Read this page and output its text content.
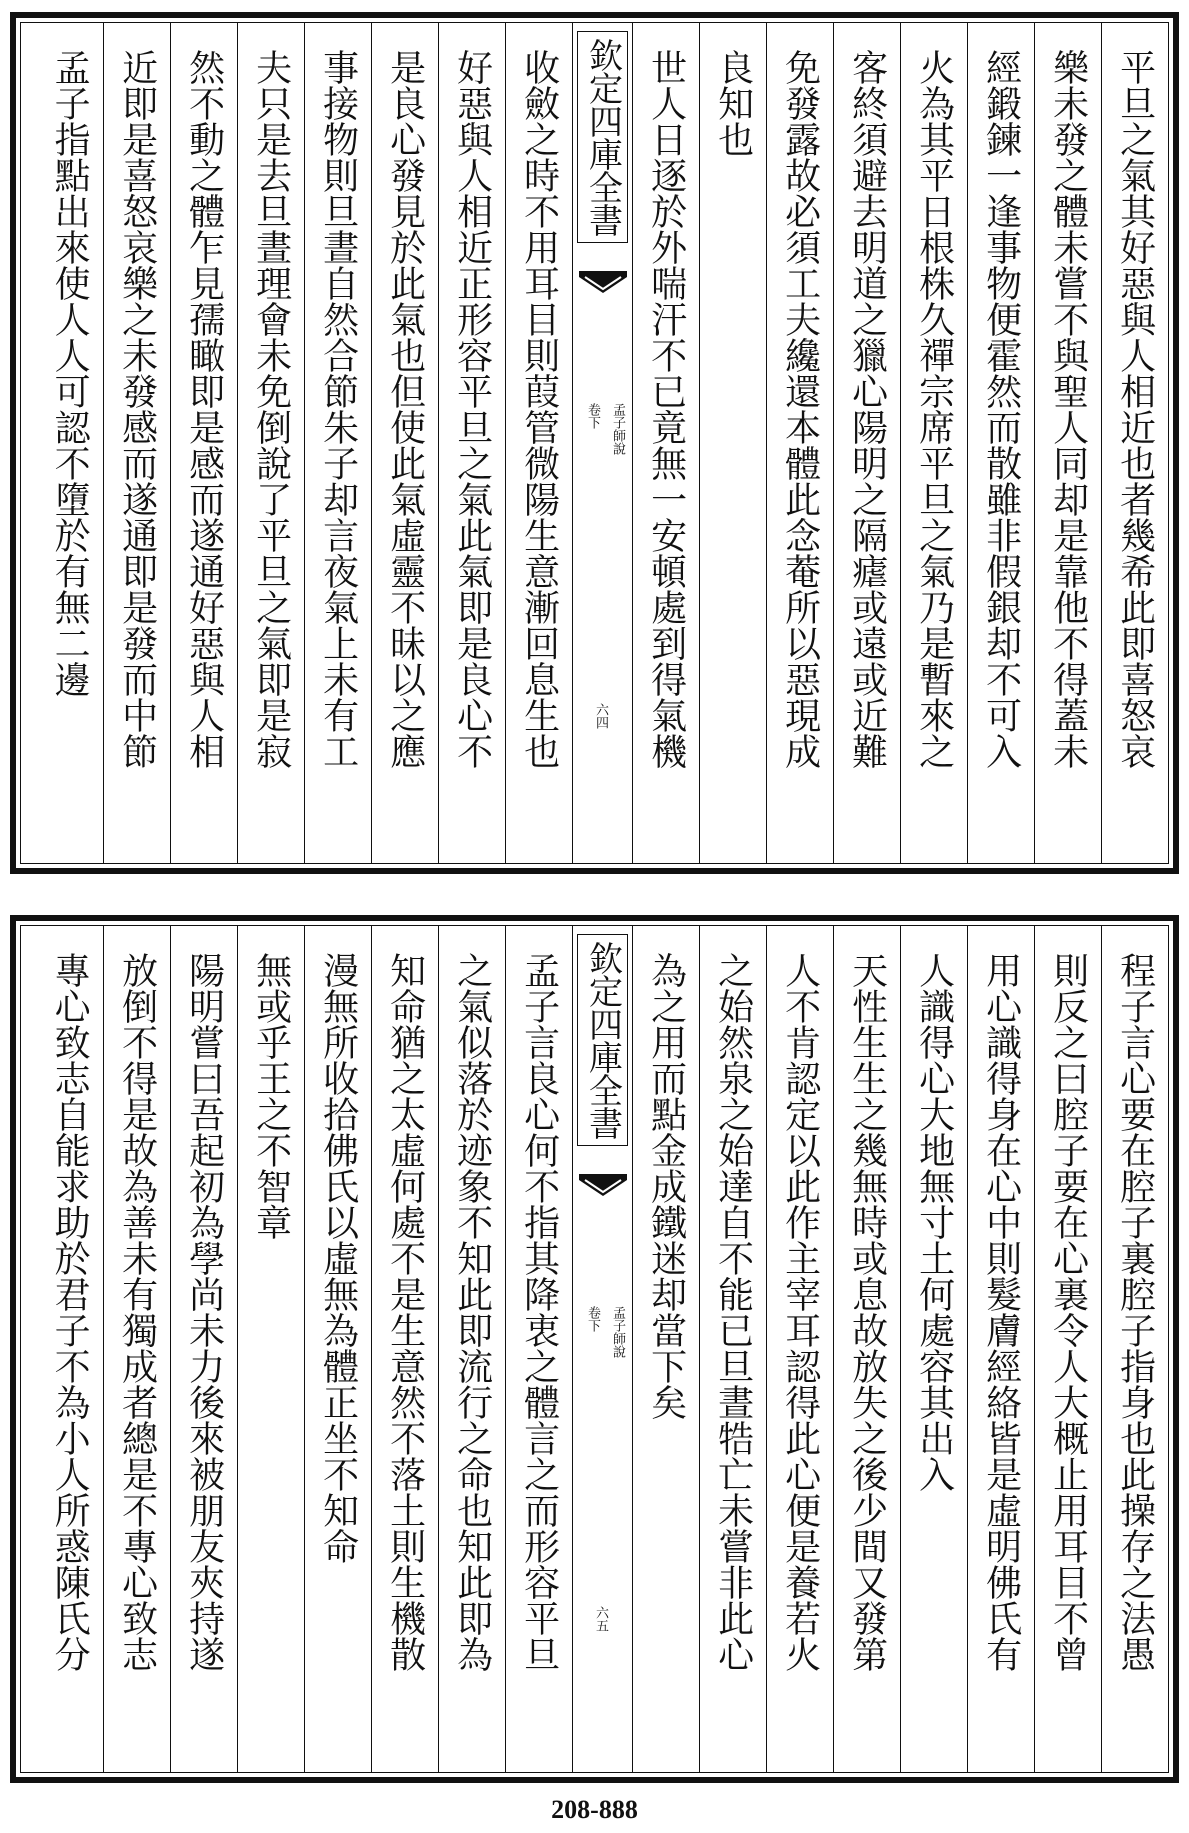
平旦之氣其好惡與人相近也者幾希此即喜怒哀
樂未發之體未嘗不與聖人同却是靠他不得蓋未
經鍛鍊一逢事物便霍然而散雖非假銀却不可入
火為其平日根株久禪宗席平旦之氣乃是暫來之
客終須避去明道之獵心陽明之隔瘧或遠或近難
免發露故必須工夫纔還本體此念菴所以惡現成
良知也
世人日逐於外喘汗不已竟無一安頓處到得氣機
欽定四庫全書
孟子師說
卷下
六四
收斂之時不用耳目則葭管微陽生意漸回息生也
好惡與人相近正形容平旦之氣此氣即是良心不
是良心發見於此氣也但使此氣虛靈不昧以之應
事接物則旦晝自然合節朱子却言夜氣上未有工
夫只是去旦晝理會未免倒說了平旦之氣即是寂
然不動之體乍見孺瞰即是感而遂通好惡與人相
近即是喜怒哀樂之未發感而遂通即是發而中節
孟子指點出來使人人可認不墮於有無二邊
程子言心要在腔子裏腔子指身也此操存之法愚
則反之曰腔子要在心裏令人大概止用耳目不曾
用心識得身在心中則髮膚經絡皆是虛明佛氏有
人識得心大地無寸土何處容其出入
天性生生之幾無時或息故放失之後少間又發第
人不肯認定以此作主宰耳認得此心便是養若火
之始然泉之始達自不能已旦晝牿亡未嘗非此心
為之用而點金成鐵迷却當下矣
欽定四庫全書
孟子師說
卷下
六五
孟子言良心何不指其降衷之體言之而形容平旦
之氣似落於迹象不知此即流行之命也知此即為
知命猶之太虛何處不是生意然不落土則生機散
漫無所收拾佛氏以虛無為體正坐不知命
無或乎王之不智章
陽明嘗曰吾起初為學尚未力後來被朋友夾持遂
放倒不得是故為善未有獨成者總是不專心致志
專心致志自能求助於君子不為小人所惑陳氏分
208-888
